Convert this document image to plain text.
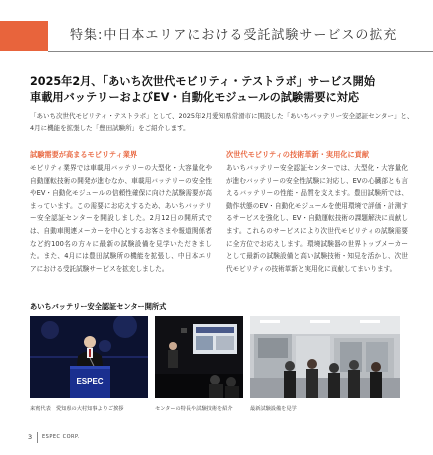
特集:中日本エリアにおける受託試験サービスの拡充
2025年2月、「あいち次世代モビリティ・テストラボ」サービス開始
車載用バッテリーおよびEV・自動化モジュールの試験需要に対応
「あいち次世代モビリティ・テストラボ」として、2025年2月愛知県常滑市に開設した「あいちバッテリー安全認証センター」と、4月に機能を拡張した「豊田試験所」をご紹介します。
試験需要が高まるモビリティ業界
モビリティ業界では車載用バッテリーの大型化・大容量化や自動運転技術の開発が進むなか、車載用バッテリーの安全性やEV・自動化モジュールの信頼性確保に向けた試験需要が高まっています。この需要にお応えするため、あいちバッテリー安全認証センターを開設しました。2月12日の開所式では、自動車関連メーカーを中心とするお客さまや報道関係者など約100名の方々に最新の試験設備を見学いただきました。また、4月には豊田試験所の機能を拡張し、中日本エリアにおける受託試験サービスを拡充しました。
次世代モビリティの技術革新・実用化に貢献
あいちバッテリー安全認証センターでは、大型化・大容量化が進むバッテリーの安全性試験に対応し、EVの心臓部とも言えるバッテリーの性能・品質を支えます。豊田試験所では、動作状態のEV・自動化モジュールを使用環境で評価・計測するサービスを強化し、EV・自動運転技術の課題解決に貢献します。これらのサービスにより次世代モビリティの試験需要に全方位でお応えします。環境試験器の世界トップメーカーとして最新の試験設備と高い試験技術・知見を活かし、次世代モビリティの技術革新と実用化に貢献してまいります。
あいちバッテリー安全認証センター開所式
ESPEC
来賓代表　愛知県の大村知事よりご挨拶	センターの特長や試験技術を紹介	最新試験設備を見学
3 ESPEC CORP.
